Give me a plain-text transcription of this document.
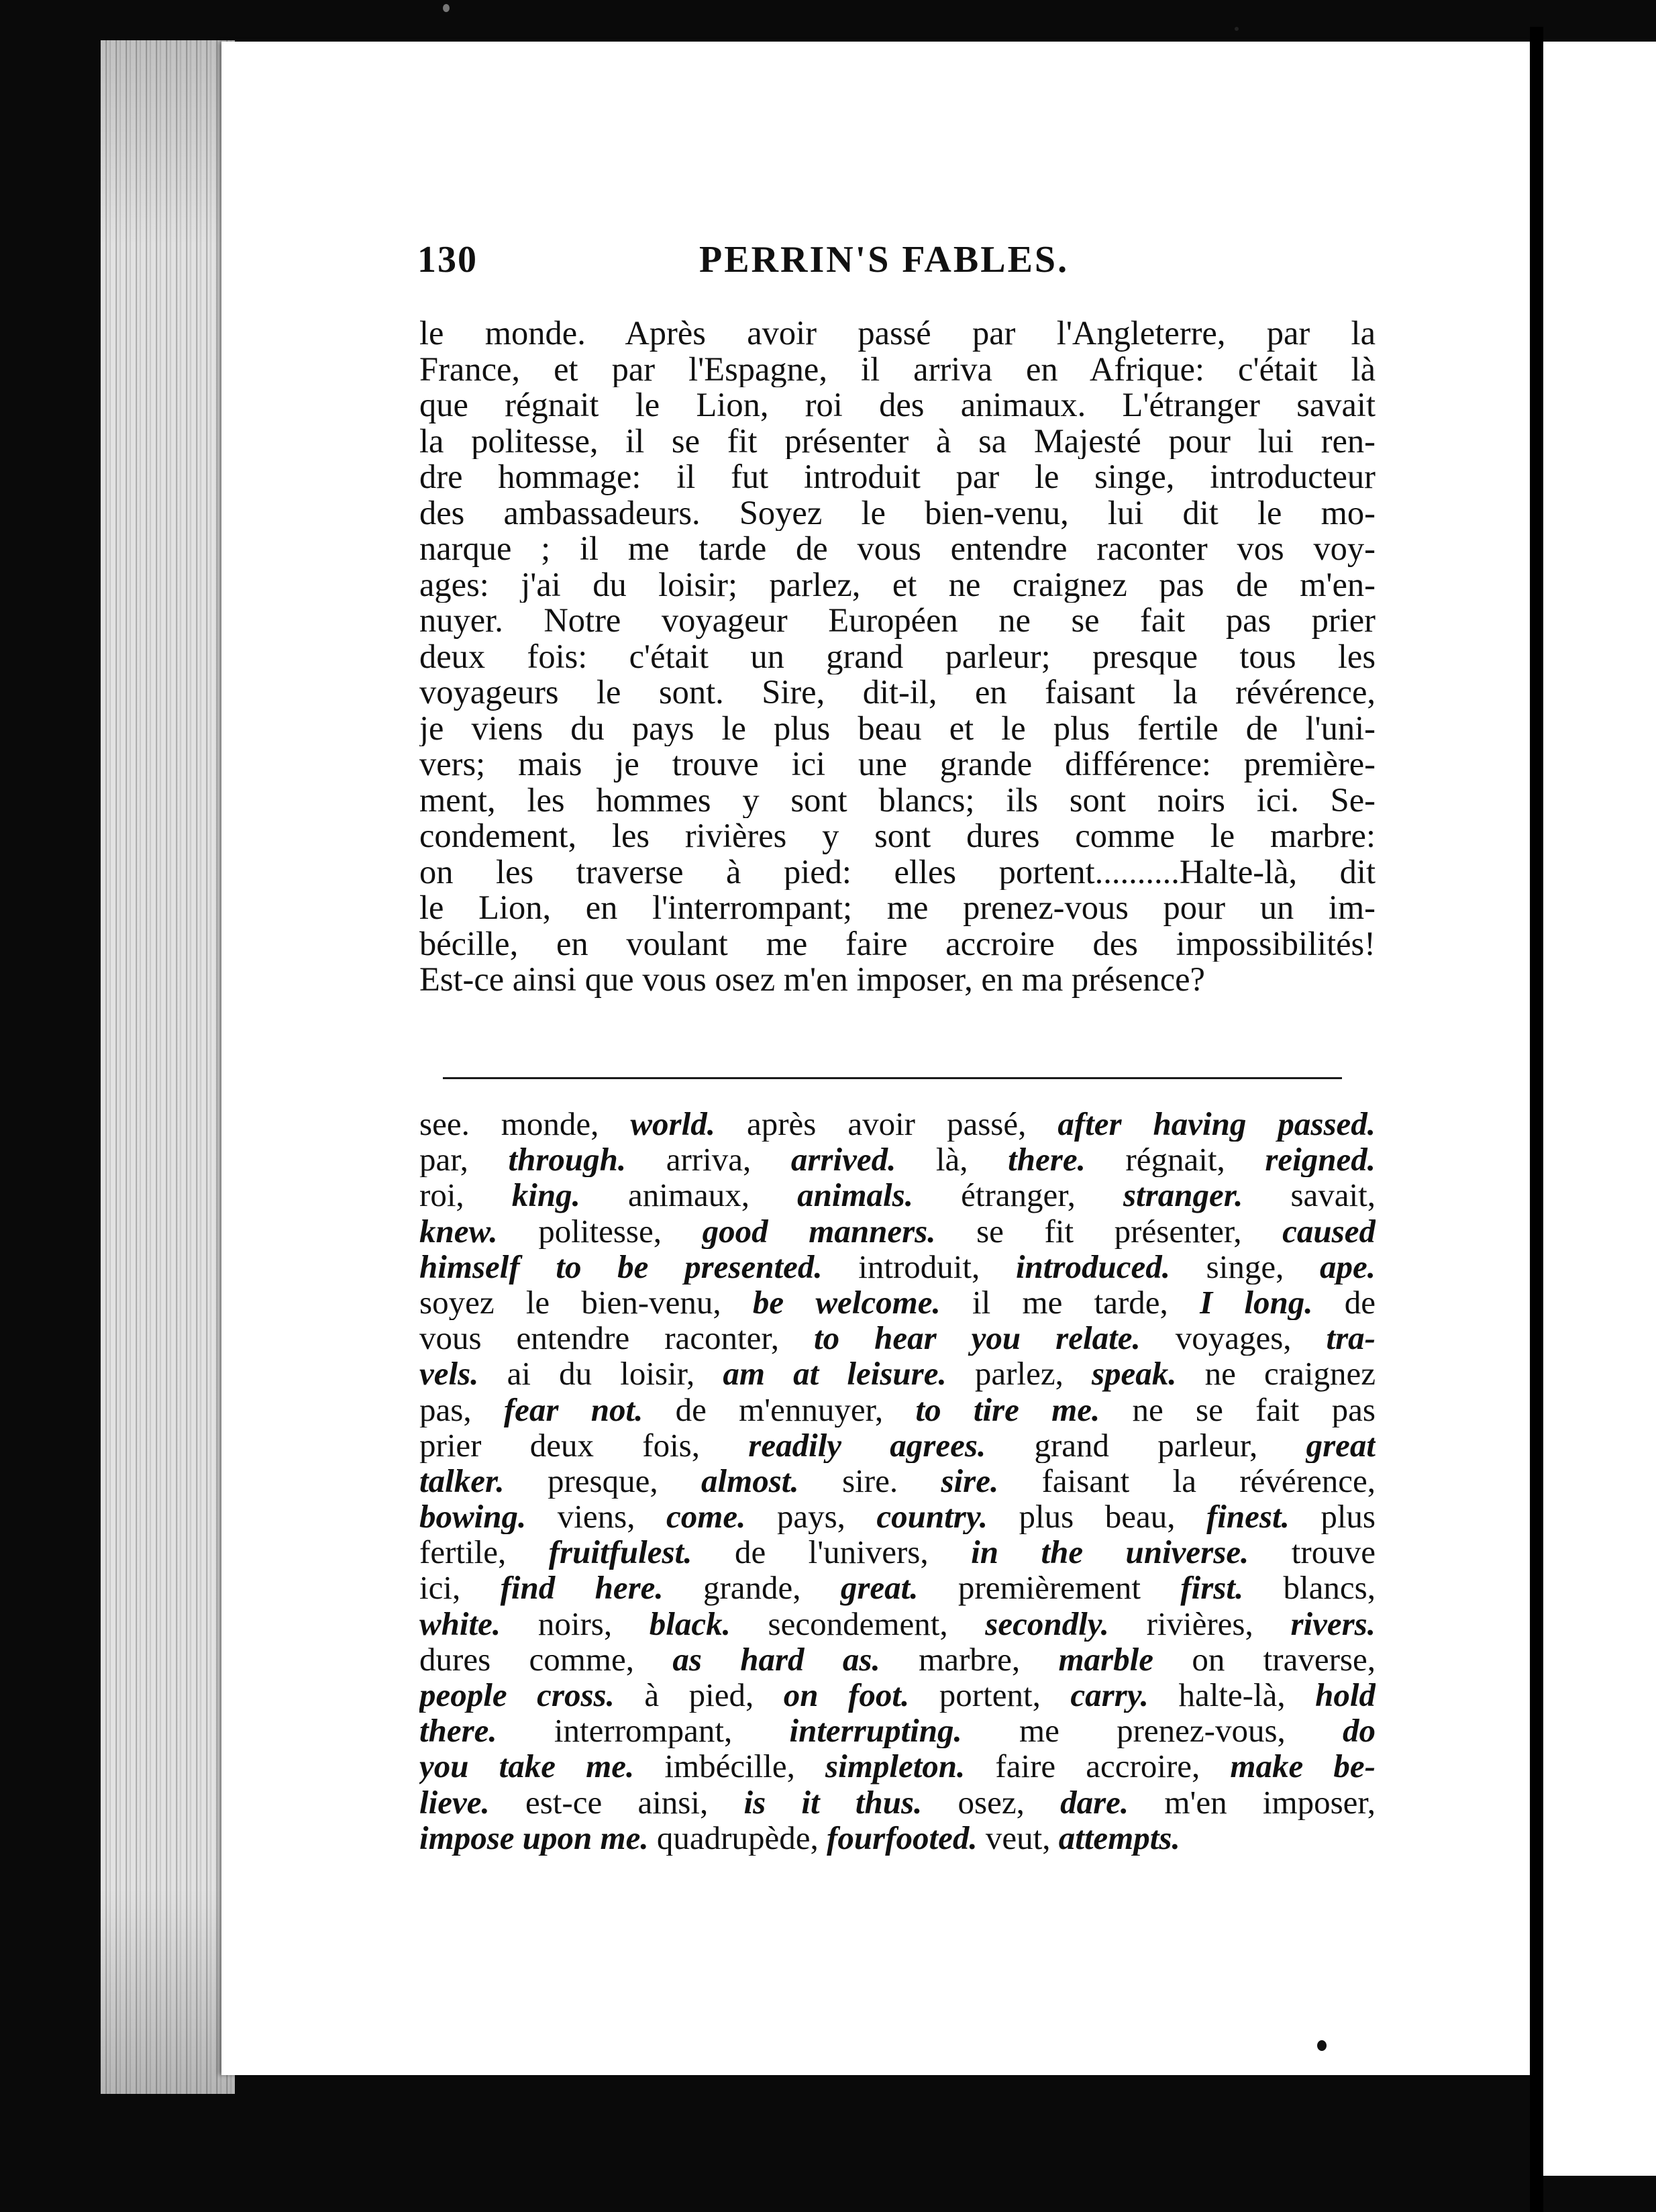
130	PERRIN'S FABLES.
le monde. Après avoir passé par l'Angleterre, par la
France, et par l'Espagne, il arriva en Afrique: c'était là
que régnait le Lion, roi des animaux. L'étranger savait
la politesse, il se fit présenter à sa Majesté pour lui ren-
dre hommage: il fut introduit par le singe, introducteur
des ambassadeurs. Soyez le bien-venu, lui dit le mo-
narque ; il me tarde de vous entendre raconter vos voy-
ages: j'ai du loisir; parlez, et ne craignez pas de m'en-
nuyer. Notre voyageur Européen ne se fait pas prier
deux fois: c'était un grand parleur; presque tous les
voyageurs le sont. Sire, dit-il, en faisant la révérence,
je viens du pays le plus beau et le plus fertile de l'uni-
vers; mais je trouve ici une grande différence: première-
ment, les hommes y sont blancs; ils sont noirs ici. Se-
condement, les rivières y sont dures comme le marbre:
on les traverse à pied: elles portent..........Halte-là, dit
le Lion, en l'interrompant; me prenez-vous pour un im-
bécille, en voulant me faire accroire des impossibilités!
Est-ce ainsi que vous osez m'en imposer, en ma présence?
see. monde, world. après avoir passé, after having passed.
par, through. arriva, arrived. là, there. régnait, reigned.
roi, king. animaux, animals. étranger, stranger. savait,
knew. politesse, good manners. se fit présenter, caused
himself to be presented. introduit, introduced. singe, ape.
soyez le bien-venu, be welcome. il me tarde, I long. de
vous entendre raconter, to hear you relate. voyages, tra-
vels. ai du loisir, am at leisure. parlez, speak. ne craignez
pas, fear not. de m'ennuyer, to tire me. ne se fait pas
prier deux fois, readily agrees. grand parleur, great
talker. presque, almost. sire. sire. faisant la révérence,
bowing. viens, come. pays, country. plus beau, finest. plus
fertile, fruitfulest. de l'univers, in the universe. trouve
ici, find here. grande, great. premièrement first. blancs,
white. noirs, black. secondement, secondly. rivières, rivers.
dures comme, as hard as. marbre, marble on traverse,
people cross. à pied, on foot. portent, carry. halte-là, hold
there. interrompant, interrupting. me prenez-vous, do
you take me. imbécille, simpleton. faire accroire, make be-
lieve. est-ce ainsi, is it thus. osez, dare. m'en imposer,
impose upon me. quadrupède, fourfooted. veut, attempts.
